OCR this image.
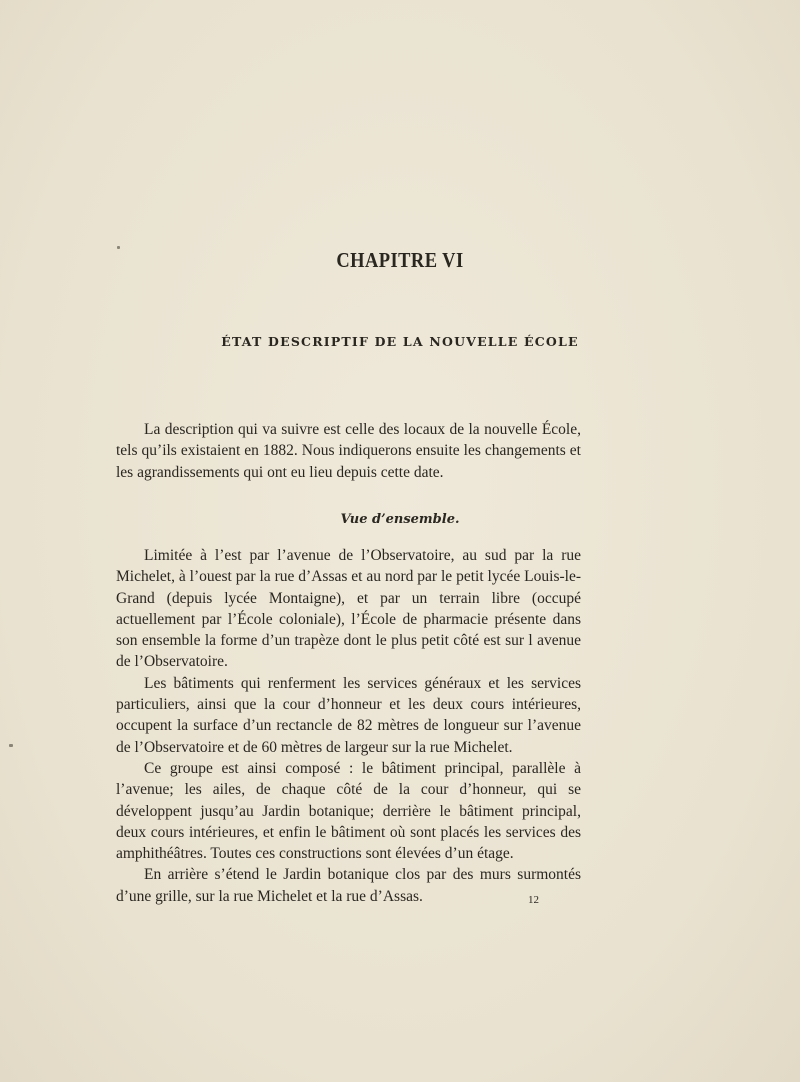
CHAPITRE VI
ÉTAT DESCRIPTIF DE LA NOUVELLE ÉCOLE

La description qui va suivre est celle des locaux de la nouvelle École, tels qu’ils existaient en 1882. Nous indiquerons ensuite les changements et les agrandissements qui ont eu lieu depuis cette date.

Vue d’ensemble.

Limitée à l’est par l’avenue de l’Observatoire, au sud par la rue Michelet, à l’ouest par la rue d’Assas et au nord par le petit lycée Louis-le-Grand (depuis lycée Montaigne), et par un terrain libre (occupé actuellement par l’École coloniale), l’École de pharmacie présente dans son ensemble la forme d’un trapèze dont le plus petit côté est sur l avenue de l’Observatoire.

Les bâtiments qui renferment les services généraux et les services particuliers, ainsi que la cour d’honneur et les deux cours intérieures, occupent la surface d’un rectancle de 82 mètres de longueur sur l’avenue de l’Observatoire et de 60 mètres de largeur sur la rue Michelet.

Ce groupe est ainsi composé : le bâtiment principal, parallèle à l’avenue; les ailes, de chaque côté de la cour d’honneur, qui se développent jusqu’au Jardin botanique; derrière le bâtiment principal, deux cours intérieures, et enfin le bâtiment où sont placés les services des amphithéâtres. Toutes ces constructions sont élevées d’un étage.

En arrière s’étend le Jardin botanique clos par des murs surmontés d’une grille, sur la rue Michelet et la rue d’Assas.	12
